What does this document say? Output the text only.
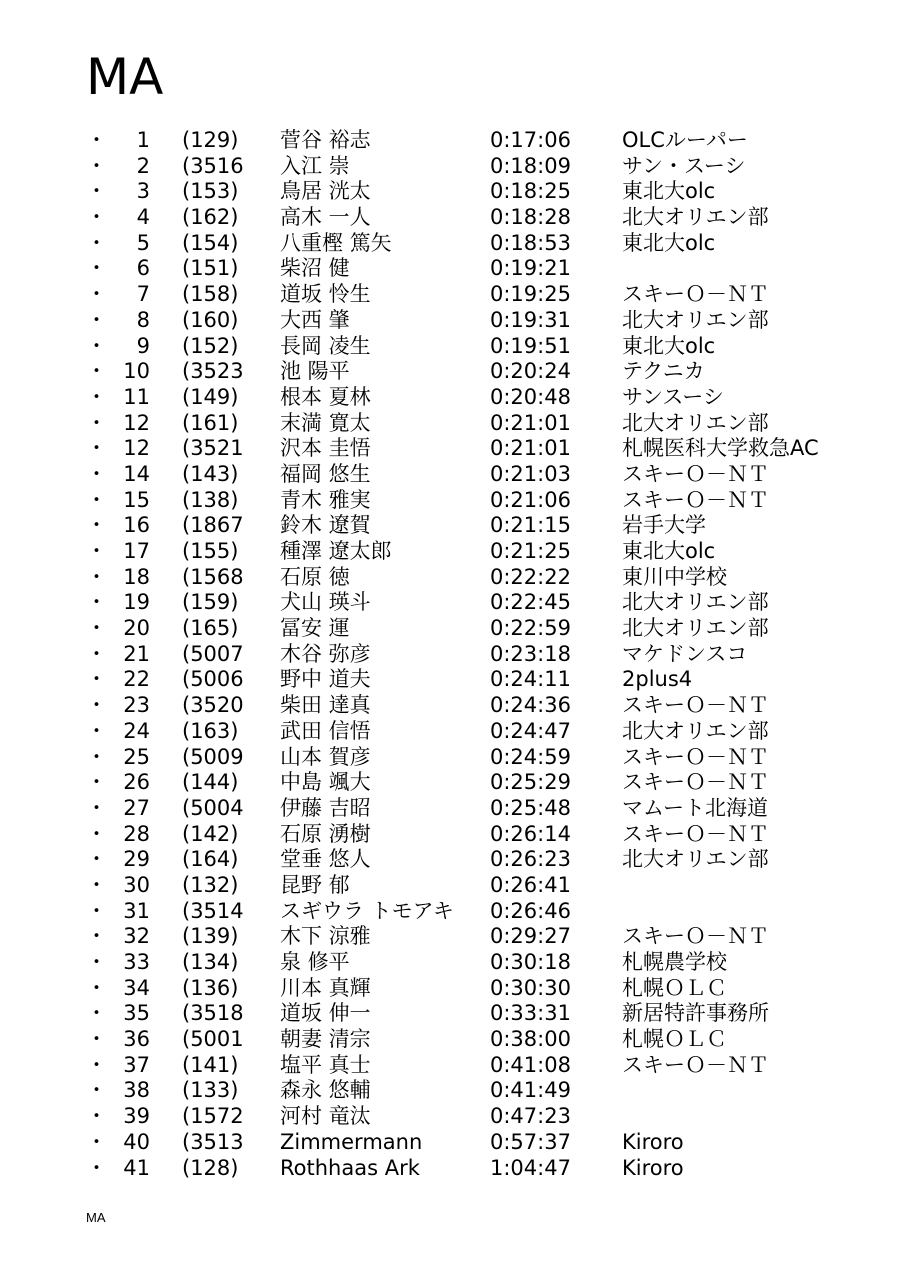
MA
・	1 (129) 菅谷 裕志	0:17:06 OLCルーパー
・	2 (3516 入江 崇	0:18:09 サン・スーシ
・	3 (153) 鳥居 洸太	0:18:25 東北大olc
・	4 (162) 高木 一人	0:18:28 北大オリエン部
・	5 (154) 八重樫 篤矢	0:18:53 東北大olc
・	6 (151) 柴沼 健	0:19:21
・	7 (158) 道坂 怜生	0:19:25 スキーＯ－ＮＴ
・	8 (160) 大西 肇	0:19:31 北大オリエン部
・	9 (152) 長岡 凌生	0:19:51 東北大olc
・ 10 (3523 池 陽平	0:20:24 テクニカ
・ 11 (149) 根本 夏林	0:20:48 サンスーシ
・ 12 (161) 末満 寛太	0:21:01 北大オリエン部
・ 12 (3521 沢本 圭悟	0:21:01 札幌医科大学救急AC
・ 14 (143) 福岡 悠生	0:21:03 スキーＯ－ＮＴ
・ 15 (138) 青木 雅実	0:21:06 スキーＯ－ＮＴ
・ 16 (1867 鈴木 遼賀	0:21:15 岩手大学
・ 17 (155) 種澤 遼太郎	0:21:25 東北大olc
・ 18 (1568 石原 徳	0:22:22 東川中学校
・ 19 (159) 犬山 瑛斗	0:22:45 北大オリエン部
・ 20 (165) 冨安 運	0:22:59 北大オリエン部
・ 21 (5007 木谷 弥彦	0:23:18 マケドンスコ
・ 22 (5006 野中 道夫	0:24:11 2plus4
・ 23 (3520 柴田 達真	0:24:36 スキーＯ－ＮＴ
・ 24 (163) 武田 信悟	0:24:47 北大オリエン部
・ 25 (5009 山本 賀彦	0:24:59 スキーＯ－ＮＴ
・ 26 (144) 中島 颯大	0:25:29 スキーＯ－ＮＴ
・ 27 (5004 伊藤 吉昭	0:25:48 マムート北海道
・ 28 (142) 石原 湧樹	0:26:14 スキーＯ－ＮＴ
・ 29 (164) 堂垂 悠人	0:26:23 北大オリエン部
・ 30 (132) 昆野 郁	0:26:41
・ 31 (3514 スギウラ トモアキ 0:26:46
・ 32 (139) 木下 涼雅	0:29:27 スキーＯ－ＮＴ
・ 33 (134) 泉 修平	0:30:18 札幌農学校
・ 34 (136) 川本 真輝	0:30:30 札幌ＯＬＣ
・ 35 (3518 道坂 伸一	0:33:31 新居特許事務所
・ 36 (5001 朝妻 清宗	0:38:00 札幌ＯＬＣ
・ 37 (141) 塩平 真士	0:41:08 スキーＯ－ＮＴ
・ 38 (133) 森永 悠輔	0:41:49
・ 39 (1572 河村 竜汰	0:47:23
・ 40 (3513 Zimmermann	0:57:37 Kiroro
・ 41 (128) Rothhaas Ark	1:04:47 Kiroro
MA
